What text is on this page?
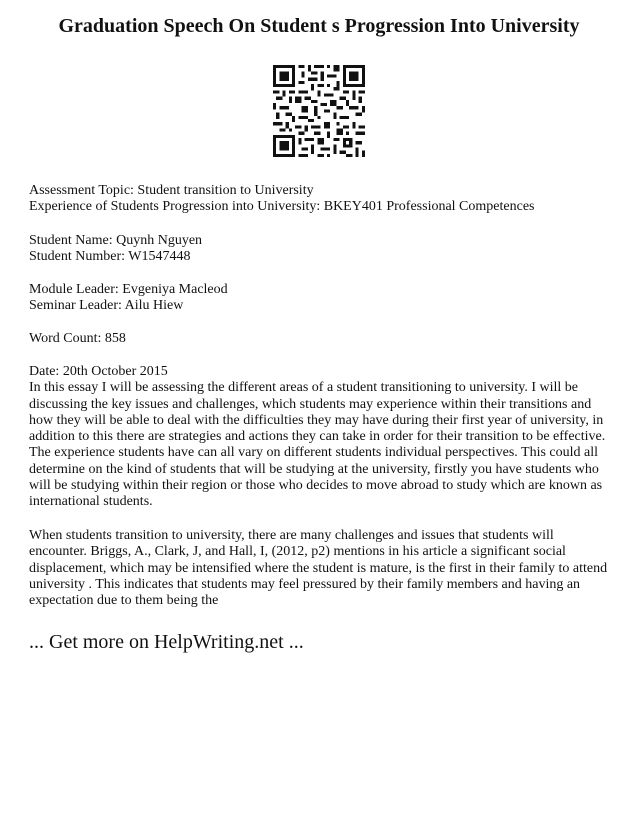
Graduation Speech On Student s Progression Into University
Assessment Topic: Student transition to University
Experience of Students Progression into University: BKEY401 Professional Competences
Student Name: Quynh Nguyen
Student Number: W1547448
Module Leader: Evgeniya Macleod
Seminar Leader: Ailu Hiew
Word Count: 858
Date: 20th October 2015
In this essay I will be assessing the different areas of a student transitioning to university. I will be discussing the key issues and challenges, which students may experience within their transitions and how they will be able to deal with the difficulties they may have during their first year of university, in addition to this there are strategies and actions they can take in order for their transition to be effective. The experience students have can all vary on different students individual perspectives. This could all determine on the kind of students that will be studying at the university, firstly you have students who will be studying within their region or those who decides to move abroad to study which are known as international students.
When students transition to university, there are many challenges and issues that students will encounter. Briggs, A., Clark, J, and Hall, I, (2012, p2) mentions in his article a significant social displacement, which may be intensified where the student is mature, is the first in their family to attend university . This indicates that students may feel pressured by their family members and having an expectation due to them being the
... Get more on HelpWriting.net ...
